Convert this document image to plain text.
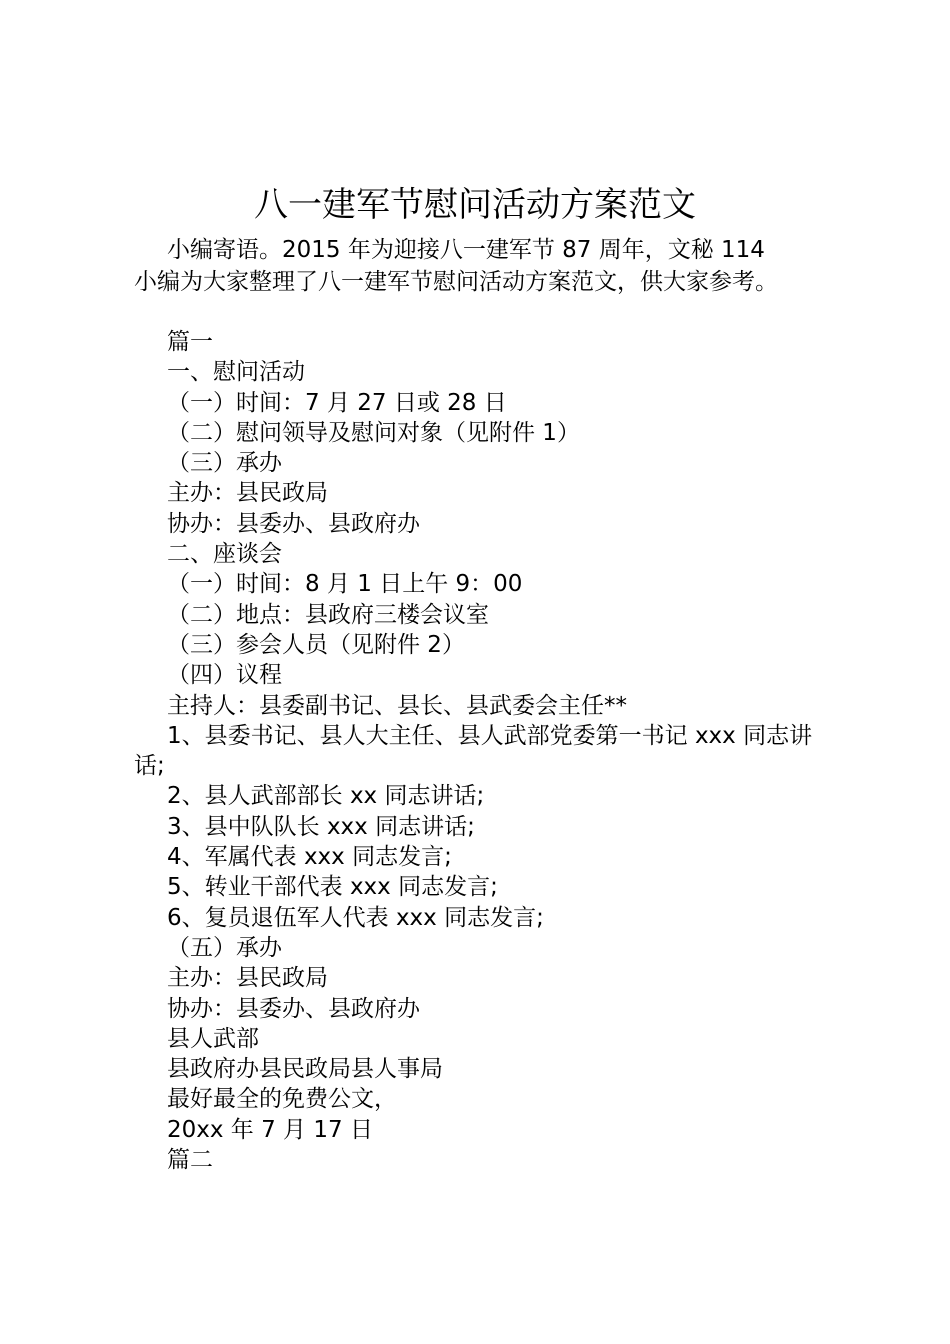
八一建军节慰问活动方案范文

小编寄语。2015 年为迎接八一建军节 87 周年，文秘 114

小编为大家整理了八一建军节慰问活动方案范文，供大家参考。

篇一

一、慰问活动

（一）时间：7 月 27 日或 28 日

（二）慰问领导及慰问对象（见附件 1）

（三）承办

主办：县民政局

协办：县委办、县政府办

二、座谈会

（一）时间：8 月 1 日上午 9：00

（二）地点：县政府三楼会议室

（三）参会人员（见附件 2）

（四）议程

主持人：县委副书记、县长、县武委会主任**

1、县委书记、县人大主任、县人武部党委第一书记 xxx 同志讲话;

2、县人武部部长 xx 同志讲话;

3、县中队队长 xxx 同志讲话;

4、军属代表 xxx 同志发言;

5、转业干部代表 xxx 同志发言;

6、复员退伍军人代表 xxx 同志发言;

（五）承办

主办：县民政局

协办：县委办、县政府办

县人武部

县政府办县民政局县人事局

最好最全的免费公文，

20xx 年 7 月 17 日

篇二
